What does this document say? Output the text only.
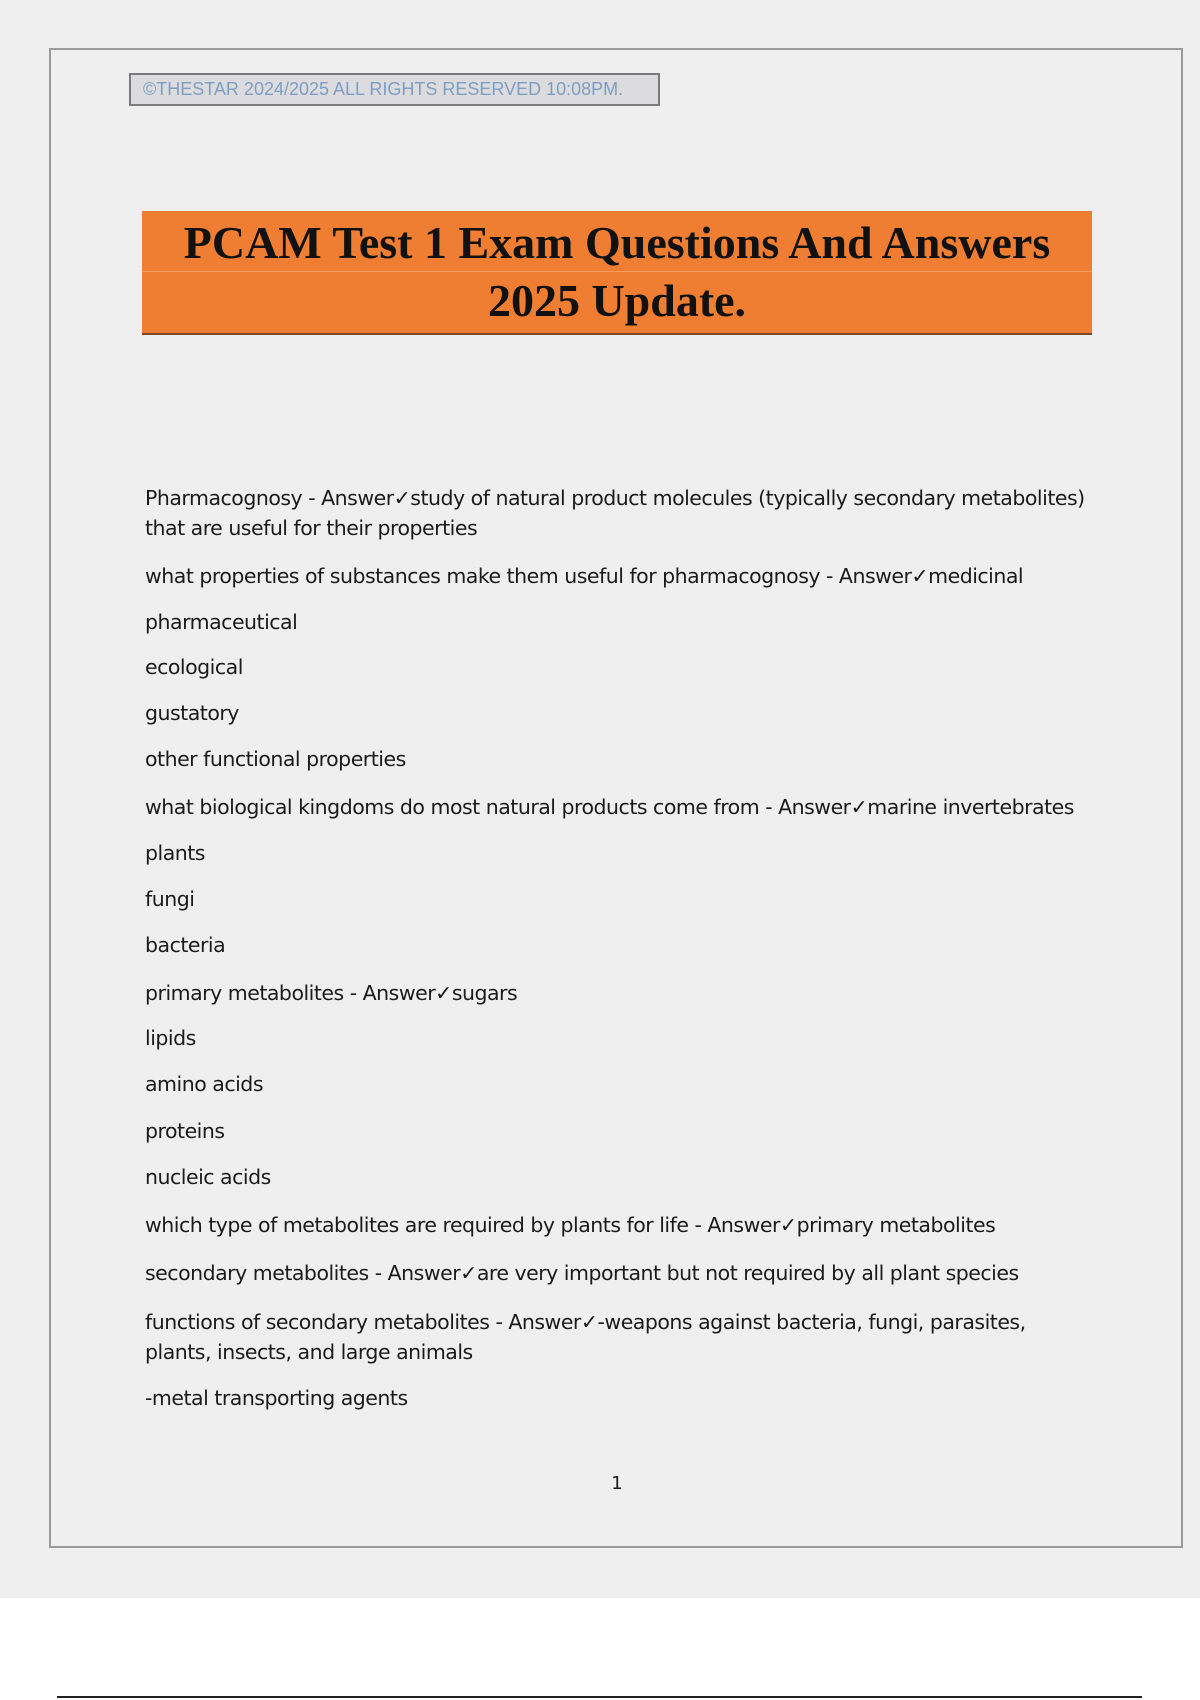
©THESTAR 2024/2025 ALL RIGHTS RESERVED 10:08PM.
PCAM Test 1 Exam Questions And Answers
2025 Update.
Pharmacognosy - Answer✓study of natural product molecules (typically secondary metabolites)
that are useful for their properties
what properties of substances make them useful for pharmacognosy - Answer✓medicinal
pharmaceutical
ecological
gustatory
other functional properties
what biological kingdoms do most natural products come from - Answer✓marine invertebrates
plants
fungi
bacteria
primary metabolites - Answer✓sugars
lipids
amino acids
proteins
nucleic acids
which type of metabolites are required by plants for life - Answer✓primary metabolites
secondary metabolites - Answer✓are very important but not required by all plant species
functions of secondary metabolites - Answer✓-weapons against bacteria, fungi, parasites,
plants, insects, and large animals
-metal transporting agents
1
